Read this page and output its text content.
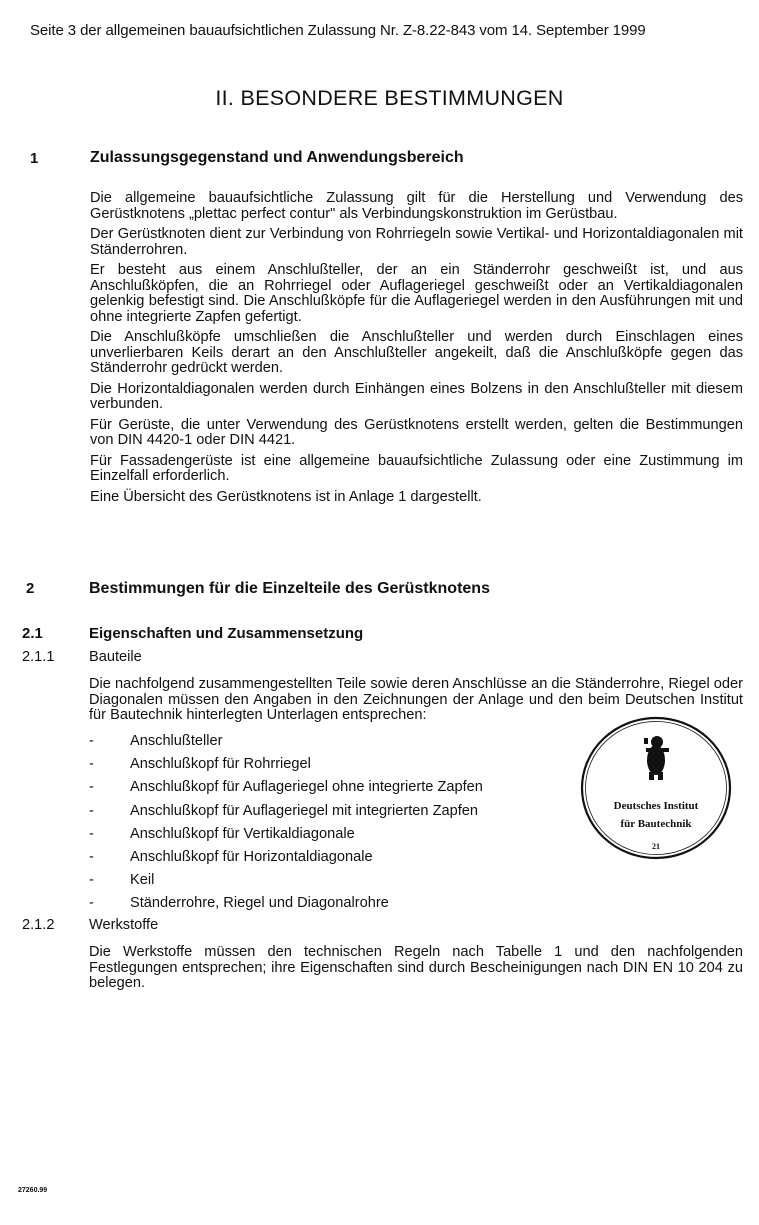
Seite 3 der allgemeinen bauaufsichtlichen Zulassung Nr. Z-8.22-843 vom 14. September 1999
II. BESONDERE BESTIMMUNGEN
1	Zulassungsgegenstand und Anwendungsbereich

Die allgemeine bauaufsichtliche Zulassung gilt für die Herstellung und Verwendung des Gerüstknotens „plettac perfect contur" als Verbindungskonstruktion im Gerüstbau.

Der Gerüstknoten dient zur Verbindung von Rohrriegeln sowie Vertikal- und Horizontaldiagonalen mit Ständerrohren.

Er besteht aus einem Anschlußteller, der an ein Ständerrohr geschweißt ist, und aus Anschlußköpfen, die an Rohrriegel oder Auflageriegel geschweißt oder an Vertikaldiagonalen gelenkig befestigt sind. Die Anschlußköpfe für die Auflageriegel werden in den Ausführungen mit und ohne integrierte Zapfen gefertigt.

Die Anschlußköpfe umschließen die Anschlußteller und werden durch Einschlagen eines unverlierbaren Keils derart an den Anschlußteller angekeilt, daß die Anschlußköpfe gegen das Ständerrohr gedrückt werden.

Die Horizontaldiagonalen werden durch Einhängen eines Bolzens in den Anschlußteller mit diesem verbunden.

Für Gerüste, die unter Verwendung des Gerüstknotens erstellt werden, gelten die Bestimmungen von DIN 4420-1 oder DIN 4421.

Für Fassadengerüste ist eine allgemeine bauaufsichtliche Zulassung oder eine Zustimmung im Einzelfall erforderlich.

Eine Übersicht des Gerüstknotens ist in Anlage 1 dargestellt.

2	Bestimmungen für die Einzelteile des Gerüstknotens
2.1	Eigenschaften und Zusammensetzung
2.1.1 Bauteile
Die nachfolgend zusammengestellten Teile sowie deren Anschlüsse an die Ständerrohre, Riegel oder Diagonalen müssen den Angaben in den Zeichnungen der Anlage und den beim Deutschen Institut für Bautechnik hinterlegten Unterlagen entsprechen:
- Anschlußteller
- Anschlußkopf für Rohrriegel
- Anschlußkopf für Auflageriegel ohne integrierte Zapfen
- Anschlußkopf für Auflageriegel mit integrierten Zapfen
- Anschlußkopf für Vertikaldiagonale
- Anschlußkopf für Horizontaldiagonale
- Keil
- Ständerrohre, Riegel und Diagonalrohre
2.1.2 Werkstoffe
Die Werkstoffe müssen den technischen Regeln nach Tabelle 1 und den nachfolgenden Festlegungen entsprechen; ihre Eigenschaften sind durch Bescheinigungen nach DIN EN 10 204 zu belegen.
Deutsches Institut
für Bautechnik
21
27260.99
